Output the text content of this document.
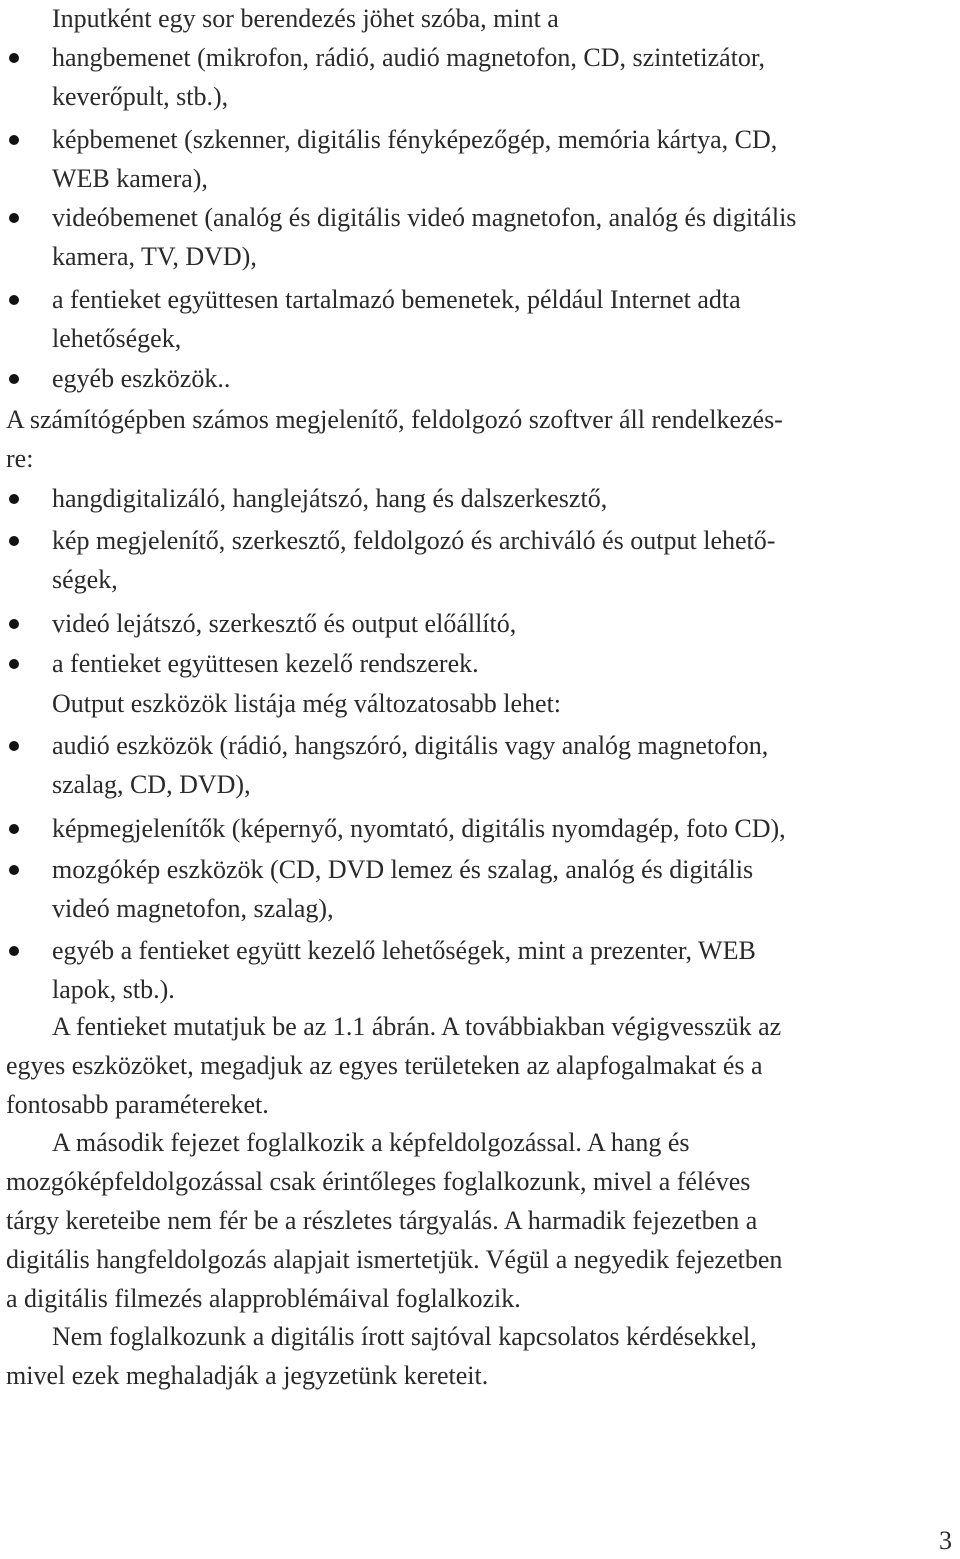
Inputként egy sor berendezés jöhet szóba, mint a
hangbemenet (mikrofon, rádió, audió magnetofon, CD, szintetizátor,
keverőpult, stb.),
képbemenet (szkenner, digitális fényképezőgép, memória kártya, CD,
WEB kamera),
videóbemenet (analóg és digitális videó magnetofon, analóg és digitális
kamera, TV, DVD),
a fentieket együttesen tartalmazó bemenetek, például Internet adta
lehetőségek,
egyéb eszközök..
A számítógépben számos megjelenítő, feldolgozó szoftver áll rendelkezés-
re:
hangdigitalizáló, hanglejátszó, hang és dalszerkesztő,
kép megjelenítő, szerkesztő, feldolgozó és archiváló és output lehető-
ségek,
videó lejátszó, szerkesztő és output előállító,
a fentieket együttesen kezelő rendszerek.
Output eszközök listája még változatosabb lehet:
audió eszközök (rádió, hangszóró, digitális vagy analóg magnetofon,
szalag, CD, DVD),
képmegjelenítők (képernyő, nyomtató, digitális nyomdagép, foto CD),
mozgókép eszközök (CD, DVD lemez és szalag, analóg és digitális
videó magnetofon, szalag),
egyéb a fentieket együtt kezelő lehetőségek, mint a prezenter, WEB
lapok, stb.).
A fentieket mutatjuk be az 1.1 ábrán. A továbbiakban végigvesszük az
egyes eszközöket, megadjuk az egyes területeken az alapfogalmakat és a
fontosabb paramétereket.
A második fejezet foglalkozik a képfeldolgozással. A hang és
mozgóképfeldolgozással csak érintőleges foglalkozunk, mivel a féléves
tárgy kereteibe nem fér be a részletes tárgyalás. A harmadik fejezetben a
digitális hangfeldolgozás alapjait ismertetjük. Végül a negyedik fejezetben
a digitális filmezés alapproblémáival foglalkozik.
Nem foglalkozunk a digitális írott sajtóval kapcsolatos kérdésekkel,
mivel ezek meghaladják a jegyzetünk kereteit.
3
